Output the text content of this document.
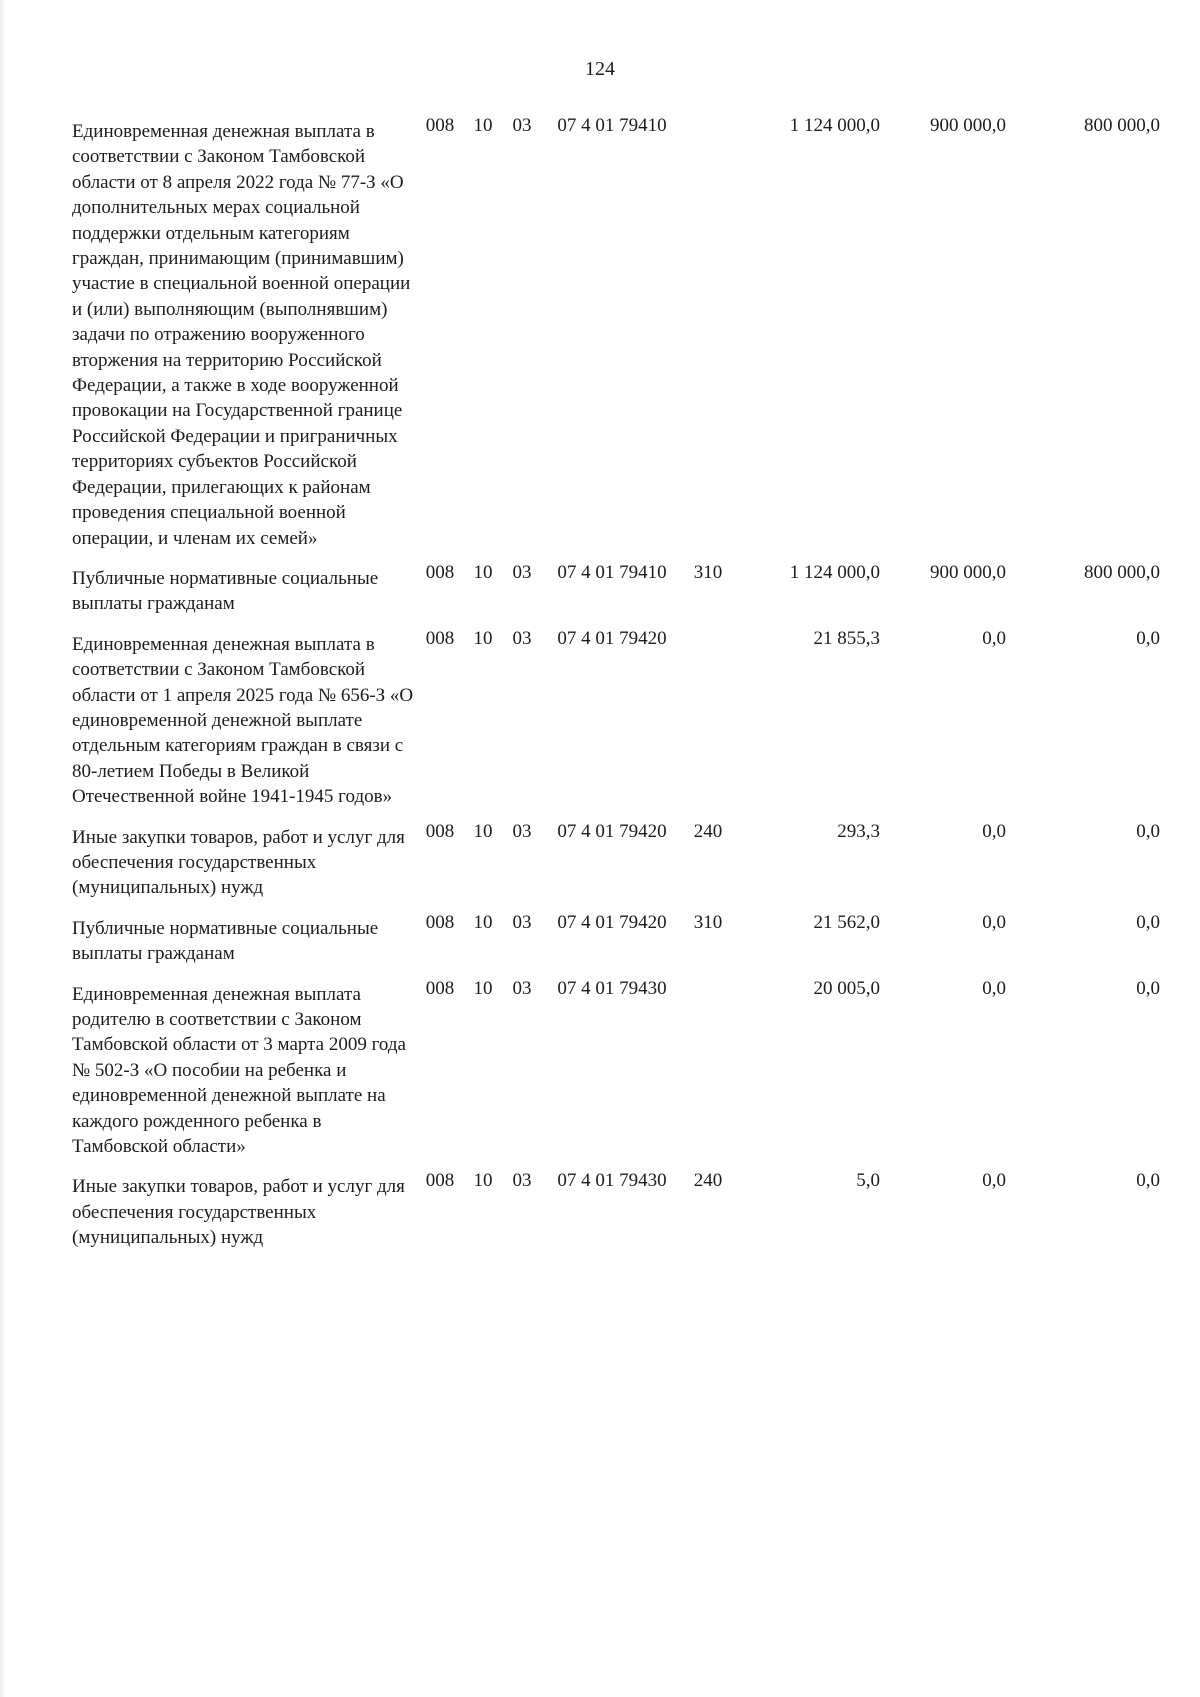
124
Единовременная денежная выплата в соответствии с Законом Тамбовской области от 8 апреля 2022 года № 77-З «О дополнительных мерах социальной поддержки отдельным категориям граждан, принимающим (принимавшим) участие в специальной военной операции и (или) выполняющим (выполнявшим) задачи по отражению вооруженного вторжения на территорию Российской Федерации, а также в ходе вооруженной провокации на Государственной границе Российской Федерации и приграничных территориях субъектов Российской Федерации, прилегающих к районам проведения специальной военной операции, и членам их семей»	008	10	03	07 4 01 79410		1 124 000,0	900 000,0	800 000,0
Публичные нормативные социальные выплаты гражданам	008	10	03	07 4 01 79410	310	1 124 000,0	900 000,0	800 000,0
Единовременная денежная выплата в соответствии с Законом Тамбовской области от 1 апреля 2025 года № 656-З «О единовременной денежной выплате отдельным категориям граждан в связи с 80-летием Победы в Великой Отечественной войне 1941-1945 годов»	008	10	03	07 4 01 79420		21 855,3	0,0	0,0
Иные закупки товаров, работ и услуг для обеспечения государственных (муниципальных) нужд	008	10	03	07 4 01 79420	240	293,3	0,0	0,0
Публичные нормативные социальные выплаты гражданам	008	10	03	07 4 01 79420	310	21 562,0	0,0	0,0
Единовременная денежная выплата родителю в соответствии с Законом Тамбовской области от 3 марта 2009 года № 502-З «О пособии на ребенка и единовременной денежной выплате на каждого рожденного ребенка в Тамбовской области»	008	10	03	07 4 01 79430		20 005,0	0,0	0,0
Иные закупки товаров, работ и услуг для обеспечения государственных (муниципальных) нужд	008	10	03	07 4 01 79430	240	5,0	0,0	0,0
